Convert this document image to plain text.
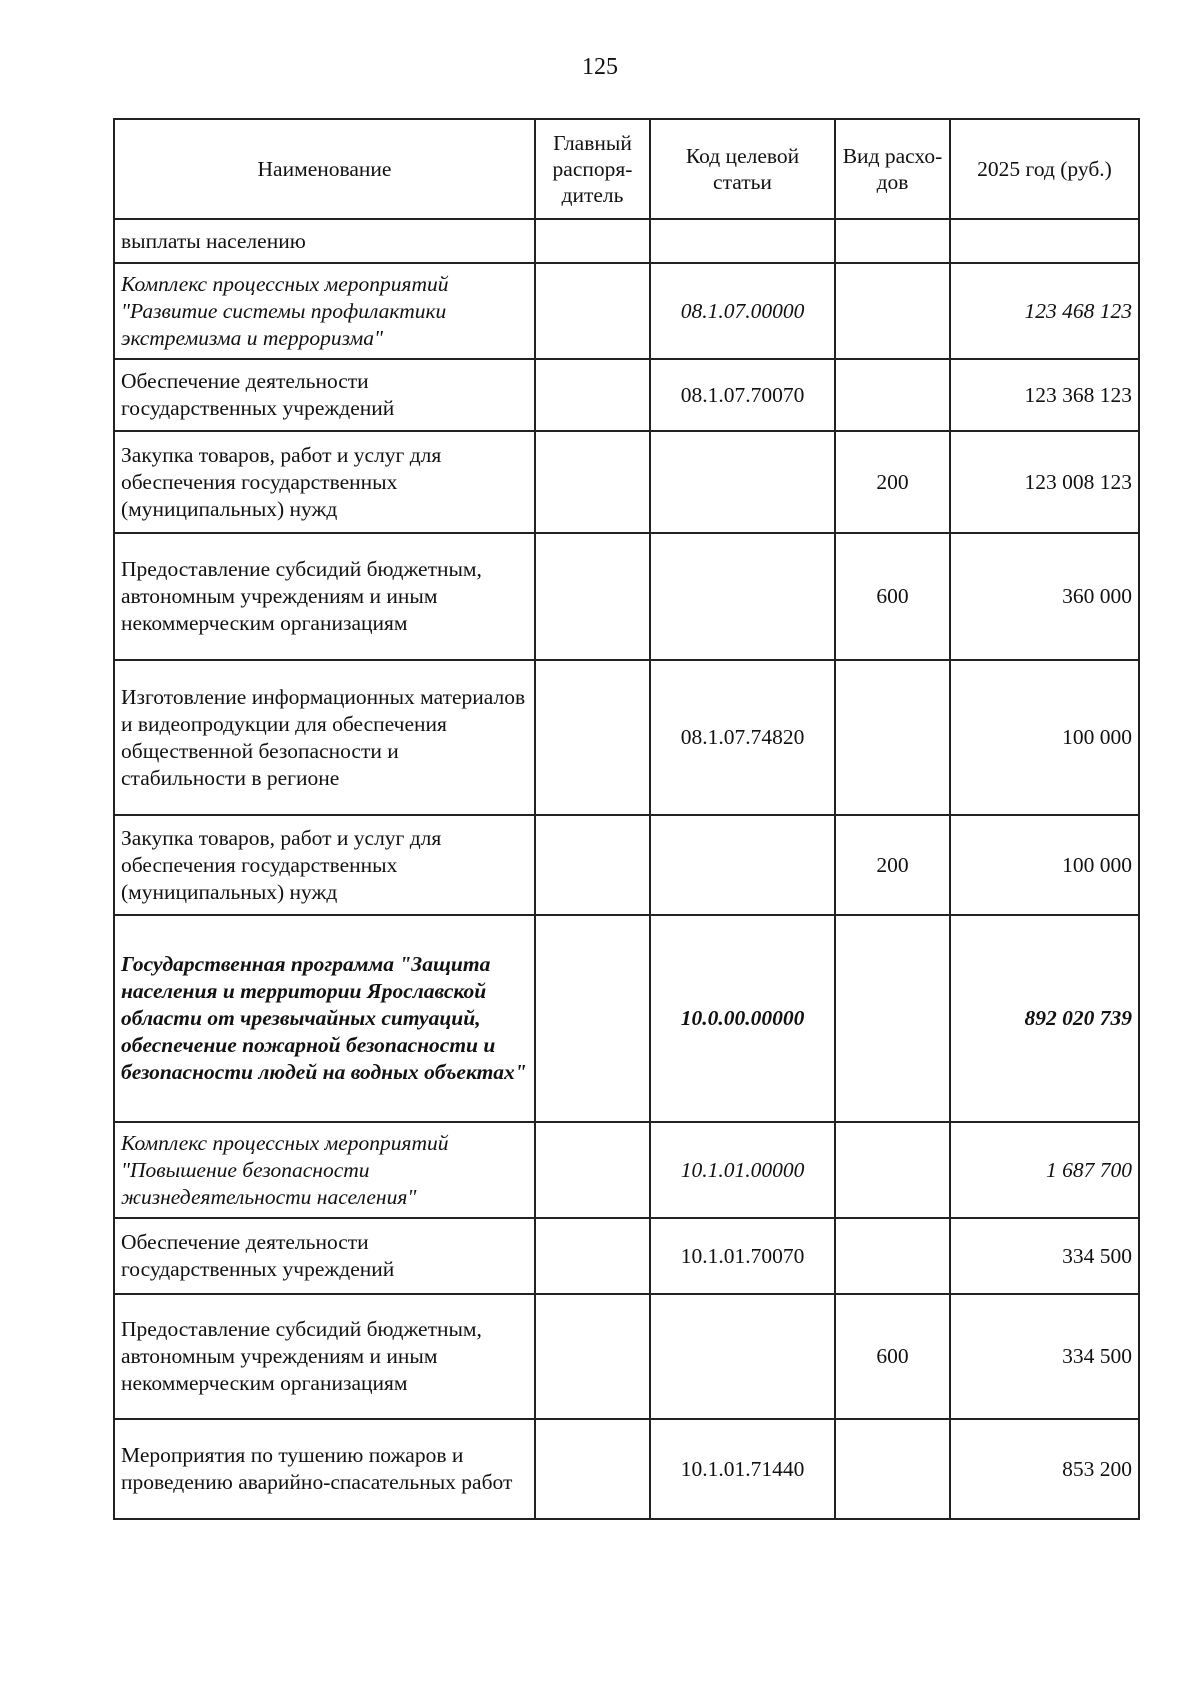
125
Наименование	Главный распоря-дитель	Код целевой статьи	Вид расхо-дов	2025 год (руб.)
выплаты населению				
Комплекс процессных мероприятий "Развитие системы профилактики экстремизма и терроризма"		08.1.07.00000		123 468 123
Обеспечение деятельности государственных учреждений		08.1.07.70070		123 368 123
Закупка товаров, работ и услуг для обеспечения государственных (муниципальных) нужд			200	123 008 123
Предоставление субсидий бюджетным, автономным учреждениям и иным некоммерческим организациям			600	360 000
Изготовление информационных материалов и видеопродукции для обеспечения общественной безопасности и стабильности в регионе		08.1.07.74820		100 000
Закупка товаров, работ и услуг для обеспечения государственных (муниципальных) нужд			200	100 000
Государственная программа "Защита населения и территории Ярославской области от чрезвычайных ситуаций, обеспечение пожарной безопасности и безопасности людей на водных объектах"		10.0.00.00000		892 020 739
Комплекс процессных мероприятий "Повышение безопасности жизнедеятельности населения"		10.1.01.00000		1 687 700
Обеспечение деятельности государственных учреждений		10.1.01.70070		334 500
Предоставление субсидий бюджетным, автономным учреждениям и иным некоммерческим организациям			600	334 500
Мероприятия по тушению пожаров и проведению аварийно-спасательных работ		10.1.01.71440		853 200
